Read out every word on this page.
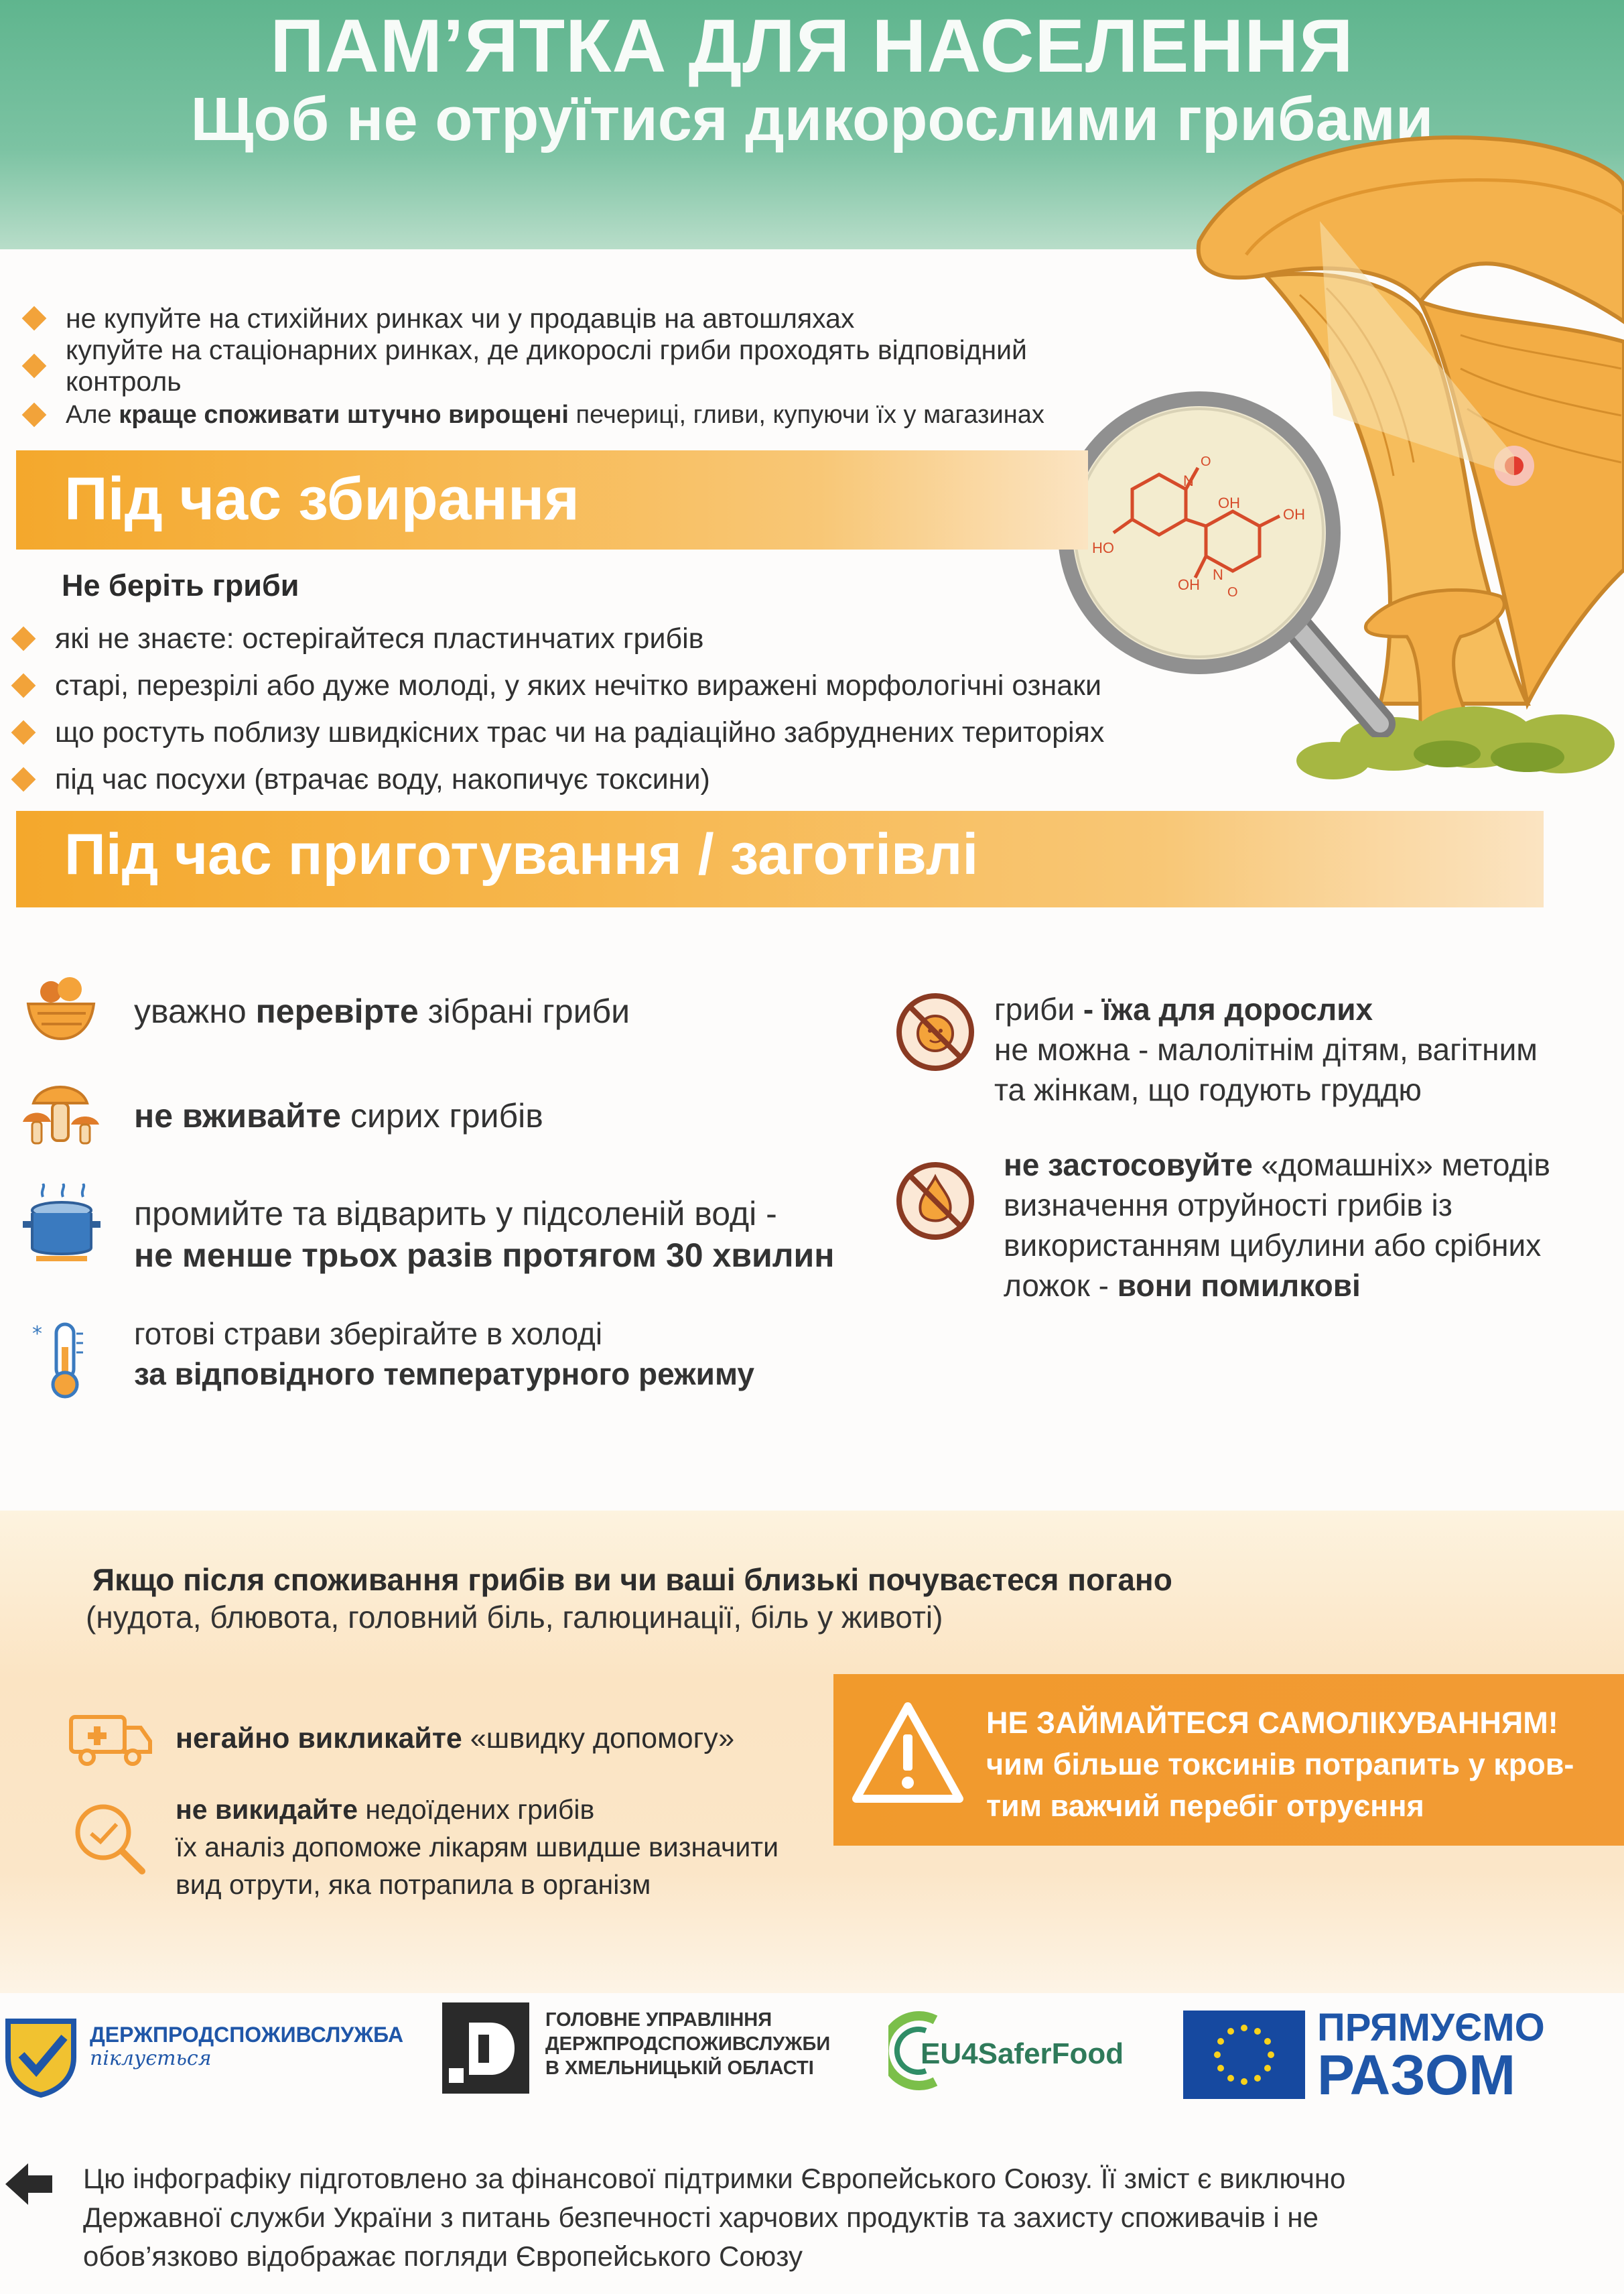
ПАМ’ЯТКА ДЛЯ НАСЕЛЕННЯ
Щоб не отруїтися дикорослими грибами
HO
OH
OH
OH
N
N
O
O
не купуйте на стихійних ринках чи у продавців на автошляхах
купуйте на стаціонарних ринках, де дикорослі гриби проходять відповідний контроль
Але краще споживати штучно вирощені печериці, гливи, купуючи їх у магазинах
Під час збирання
Не беріть гриби
які не знаєте: остерігайтеся пластинчатих грибів
старі, перезрілі або дуже молоді, у яких нечітко виражені морфологічні ознаки
що ростуть поблизу швидкісних трас чи на радіаційно забруднених територіях
під час посухи (втрачає воду, накопичує токсини)
Під час приготування / заготівлі
уважно перевірте зібрані гриби
не вживайте сирих грибів
промийте та відварить у підсоленій воді -
не менше трьох разів протягом 30 хвилин
*	готові страви зберігайте в холоді
за відповідного температурного режиму
гриби - їжа для дорослих
не можна - малолітнім дітям, вагітним
та жінкам, що годують груддю
не застосовуйте «домашніх» методів
визначення отруйності грибів із
використанням цибулини або срібних
ложок - вони помилкові
Якщо після споживання грибів ви чи ваші близькі почуваєтеся погано
(нудота, блювота, головний біль, галюцинації, біль у животі)
негайно викликайте «швидку допомогу»
не викидайте недоїдених грибів
їх аналіз допоможе лікарям швидше визначити
вид отрути, яка потрапила в організм
НЕ ЗАЙМАЙТЕСЯ САМОЛІКУВАННЯМ!
чим більше токсинів потрапить у кров-
тим важчий перебіг отруєння
ДЕРЖПРОДСПОЖИВСЛУЖБА
піклується
ГОЛОВНЕ УПРАВЛІННЯ
ДЕРЖПРОДСПОЖИВСЛУЖБИ
В ХМЕЛЬНИЦЬКІЙ ОБЛАСТІ	EU4SaferFood
ПРЯМУЄМО
РАЗОМ
Цю інфографіку підготовлено за фінансової підтримки Європейського Союзу. Її зміст є виключно
Державної служби України з питань безпечності харчових продуктів та захисту споживачів і не
обов’язково відображає погляди Європейського Союзу
